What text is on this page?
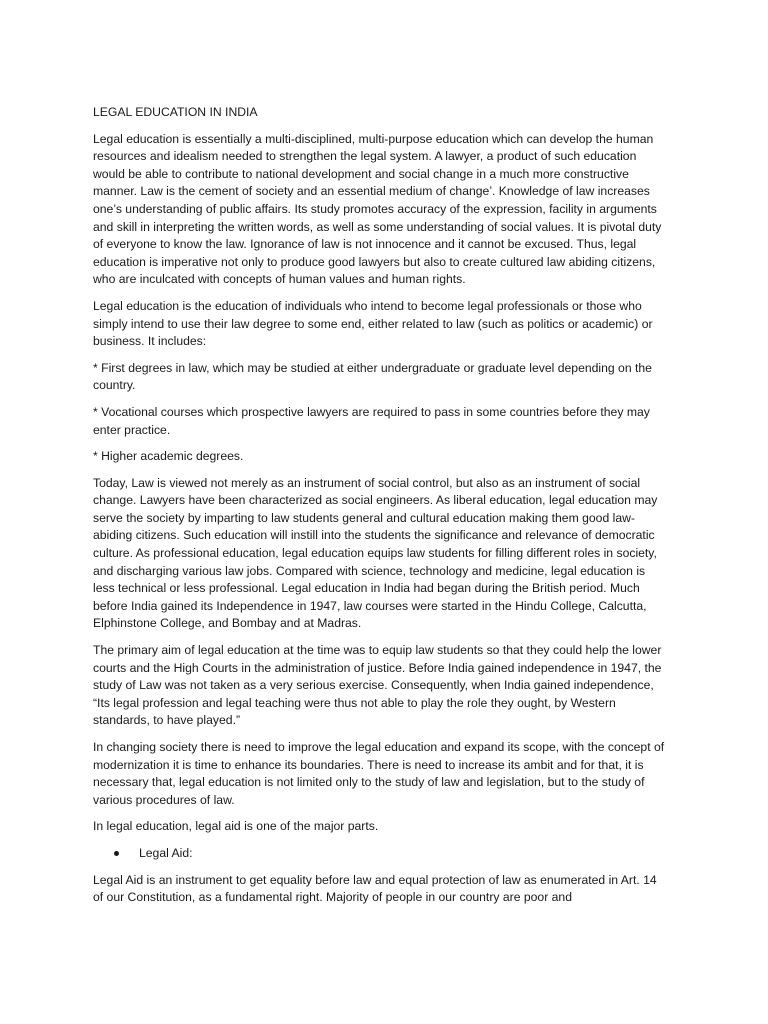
LEGAL EDUCATION IN INDIA

Legal education is essentially a multi-disciplined, multi-purpose education which can develop the human resources and idealism needed to strengthen the legal system. A lawyer, a product of such education would be able to contribute to national development and social change in a much more constructive manner. Law is the cement of society and an essential medium of change’. Knowledge of law increases one’s understanding of public affairs. Its study promotes accuracy of the expression, facility in arguments and skill in interpreting the written words, as well as some understanding of social values. It is pivotal duty of everyone to know the law. Ignorance of law is not innocence and it cannot be excused. Thus, legal education is imperative not only to produce good lawyers but also to create cultured law abiding citizens, who are inculcated with concepts of human values and human rights.

Legal education is the education of individuals who intend to become legal professionals or those who simply intend to use their law degree to some end, either related to law (such as politics or academic) or business. It includes:

* First degrees in law, which may be studied at either undergraduate or graduate level depending on the country.

* Vocational courses which prospective lawyers are required to pass in some countries before they may enter practice.

* Higher academic degrees.

Today, Law is viewed not merely as an instrument of social control, but also as an instrument of social change. Lawyers have been characterized as social engineers. As liberal education, legal education may serve the society by imparting to law students general and cultural education making them good law-abiding citizens. Such education will instill into the students the significance and relevance of democratic culture. As professional education, legal education equips law students for filling different roles in society, and discharging various law jobs. Compared with science, technology and medicine, legal education is less technical or less professional. Legal education in India had began during the British period. Much before India gained its Independence in 1947, law courses were started in the Hindu College, Calcutta, Elphinstone College, and Bombay and at Madras.

The primary aim of legal education at the time was to equip law students so that they could help the lower courts and the High Courts in the administration of justice. Before India gained independence in 1947, the study of Law was not taken as a very serious exercise. Consequently, when India gained independence, “Its legal profession and legal teaching were thus not able to play the role they ought, by Western standards, to have played.”

In changing society there is need to improve the legal education and expand its scope, with the concept of modernization it is time to enhance its boundaries. There is need to increase its ambit and for that, it is necessary that, legal education is not limited only to the study of law and legislation, but to the study of various procedures of law.

In legal education, legal aid is one of the major parts.

Legal Aid:

Legal Aid is an instrument to get equality before law and equal protection of law as enumerated in Art. 14 of our Constitution, as a fundamental right. Majority of people in our country are poor and
